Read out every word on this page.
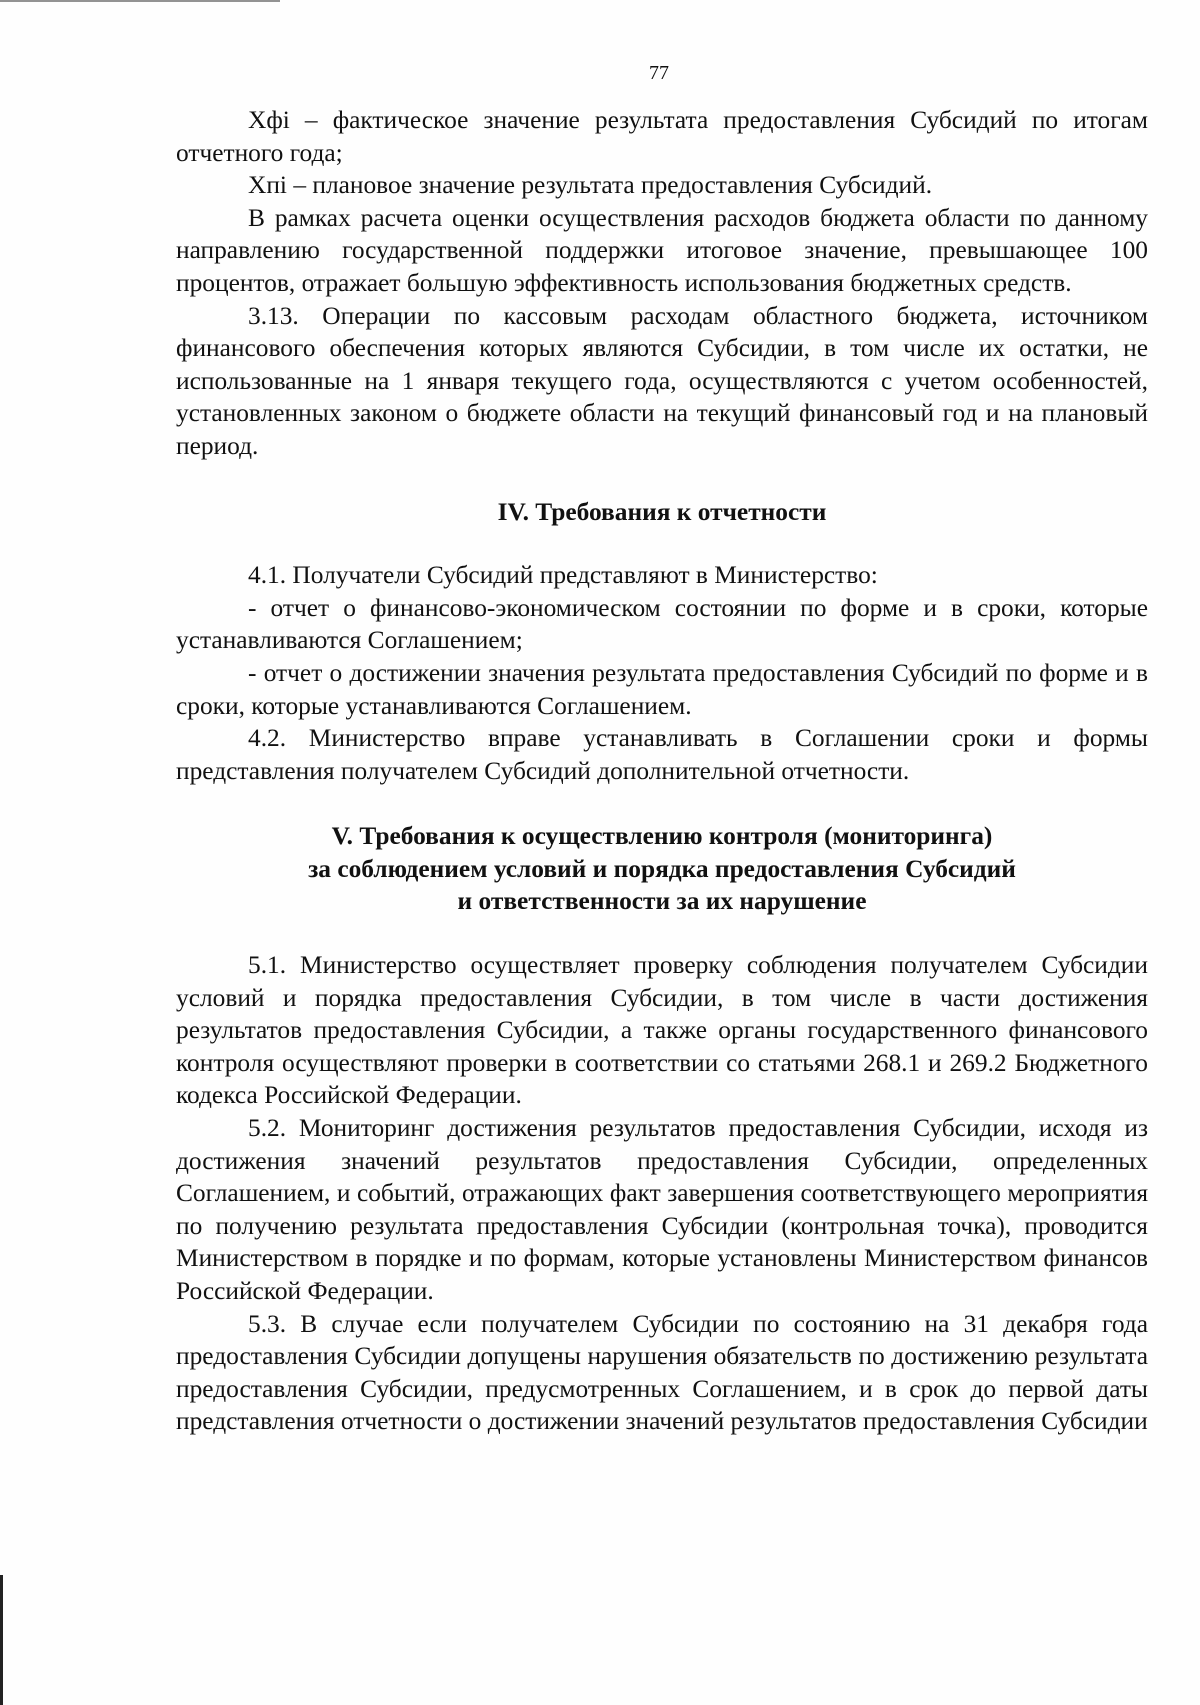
77

Xфi – фактическое значение результата предоставления Субсидий по итогам отчетного года;

Xпi – плановое значение результата предоставления Субсидий.

В рамках расчета оценки осуществления расходов бюджета области по данному направлению государственной поддержки итоговое значение, превышающее 100 процентов, отражает большую эффективность использования бюджетных средств.

3.13. Операции по кассовым расходам областного бюджета, источником финансового обеспечения которых являются Субсидии, в том числе их остатки, не использованные на 1 января текущего года, осуществляются с учетом особенностей, установленных законом о бюджете области на текущий финансовый год и на плановый период.

IV. Требования к отчетности

4.1. Получатели Субсидий представляют в Министерство:

- отчет о финансово-экономическом состоянии по форме и в сроки, которые устанавливаются Соглашением;

- отчет о достижении значения результата предоставления Субсидий по форме и в сроки, которые устанавливаются Соглашением.

4.2. Министерство вправе устанавливать в Соглашении сроки и формы представления получателем Субсидий дополнительной отчетности.

V. Требования к осуществлению контроля (мониторинга)
за соблюдением условий и порядка предоставления Субсидий
и ответственности за их нарушение

5.1. Министерство осуществляет проверку соблюдения получателем Субсидии условий и порядка предоставления Субсидии, в том числе в части достижения результатов предоставления Субсидии, а также органы государственного финансового контроля осуществляют проверки в соответствии со статьями 268.1 и 269.2 Бюджетного кодекса Российской Федерации.

5.2. Мониторинг достижения результатов предоставления Субсидии, исходя из достижения значений результатов предоставления Субсидии, определенных Соглашением, и событий, отражающих факт завершения соответствующего мероприятия по получению результата предоставления Субсидии (контрольная точка), проводится Министерством в порядке и по формам, которые установлены Министерством финансов Российской Федерации.

5.3. В случае если получателем Субсидии по состоянию на 31 декабря года предоставления Субсидии допущены нарушения обязательств по достижению результата предоставления Субсидии, предусмотренных Соглашением, и в срок до первой даты представления отчетности о достижении значений результатов предоставления Субсидии
